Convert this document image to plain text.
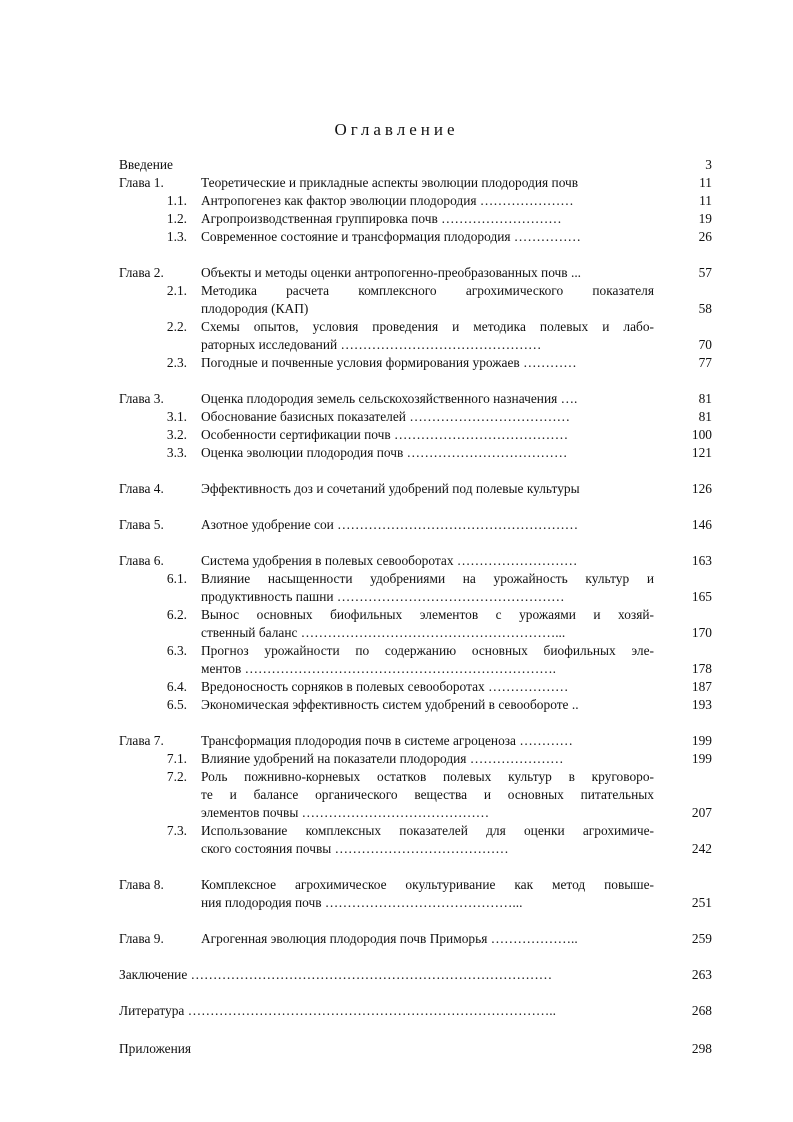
Оглавление
Введение	3
Глава 1.	Теоретические и прикладные аспекты эволюции плодородия почв	11
1.1. Антропогенез как фактор эволюции плодородия …………………	11
1.2. Агропроизводственная группировка почв ………………………	19
1.3. Современное состояние и трансформация плодородия ……………	26
Глава 2.	Объекты и методы оценки антропогенно-преобразованных почв ...	57
2.1. Методика расчета комплексного агрохимического показателя
плодородия (КАП)	58
2.2. Схемы опытов, условия проведения и методика полевых и лабо-
раторных исследований ………………………………………	70
2.3. Погодные и почвенные условия формирования урожаев …………	77
Глава 3.	Оценка плодородия земель сельскохозяйственного назначения ….	81
3.1. Обоснование базисных показателей ………………………………	81
3.2. Особенности сертификации почв …………………………………	100
3.3. Оценка эволюции плодородия почв ………………………………	121
Глава 4.	Эффективность доз и сочетаний удобрений под полевые культуры	126
Глава 5.	Азотное удобрение сои ………………………………………………	146
Глава 6.	Система удобрения в полевых севооборотах ………………………	163
6.1. Влияние насыщенности удобрениями на урожайность культур и
продуктивность пашни ……………………………………………	165
6.2. Вынос основных биофильных элементов с урожаями и хозяй-
ственный баланс …………………………………………………...	170
6.3. Прогноз урожайности по содержанию основных биофильных эле-
ментов …………………………………………………………….	178
6.4. Вредоносность сорняков в полевых севооборотах ………………	187
6.5. Экономическая эффективность систем удобрений в севообороте ..	193
Глава 7.	Трансформация плодородия почв в системе агроценоза …………	199
7.1. Влияние удобрений на показатели плодородия …………………	199
7.2. Роль пожнивно-корневых остатков полевых культур в круговоро-
те и балансе органического вещества и основных питательных
элементов почвы ……………………………………	207
7.3. Использование комплексных показателей для оценки агрохимиче-
ского состояния почвы …………………………………	242
Глава 8.	Комплексное агрохимическое окультуривание как метод повыше-
ния плодородия почв ……………………………………...	251
Глава 9.	Агрогенная эволюция плодородия почв Приморья ………………..	259
Заключение ………………………………………………………………………	263
Литература ………………………………………………………………………..	268
Приложения	298
